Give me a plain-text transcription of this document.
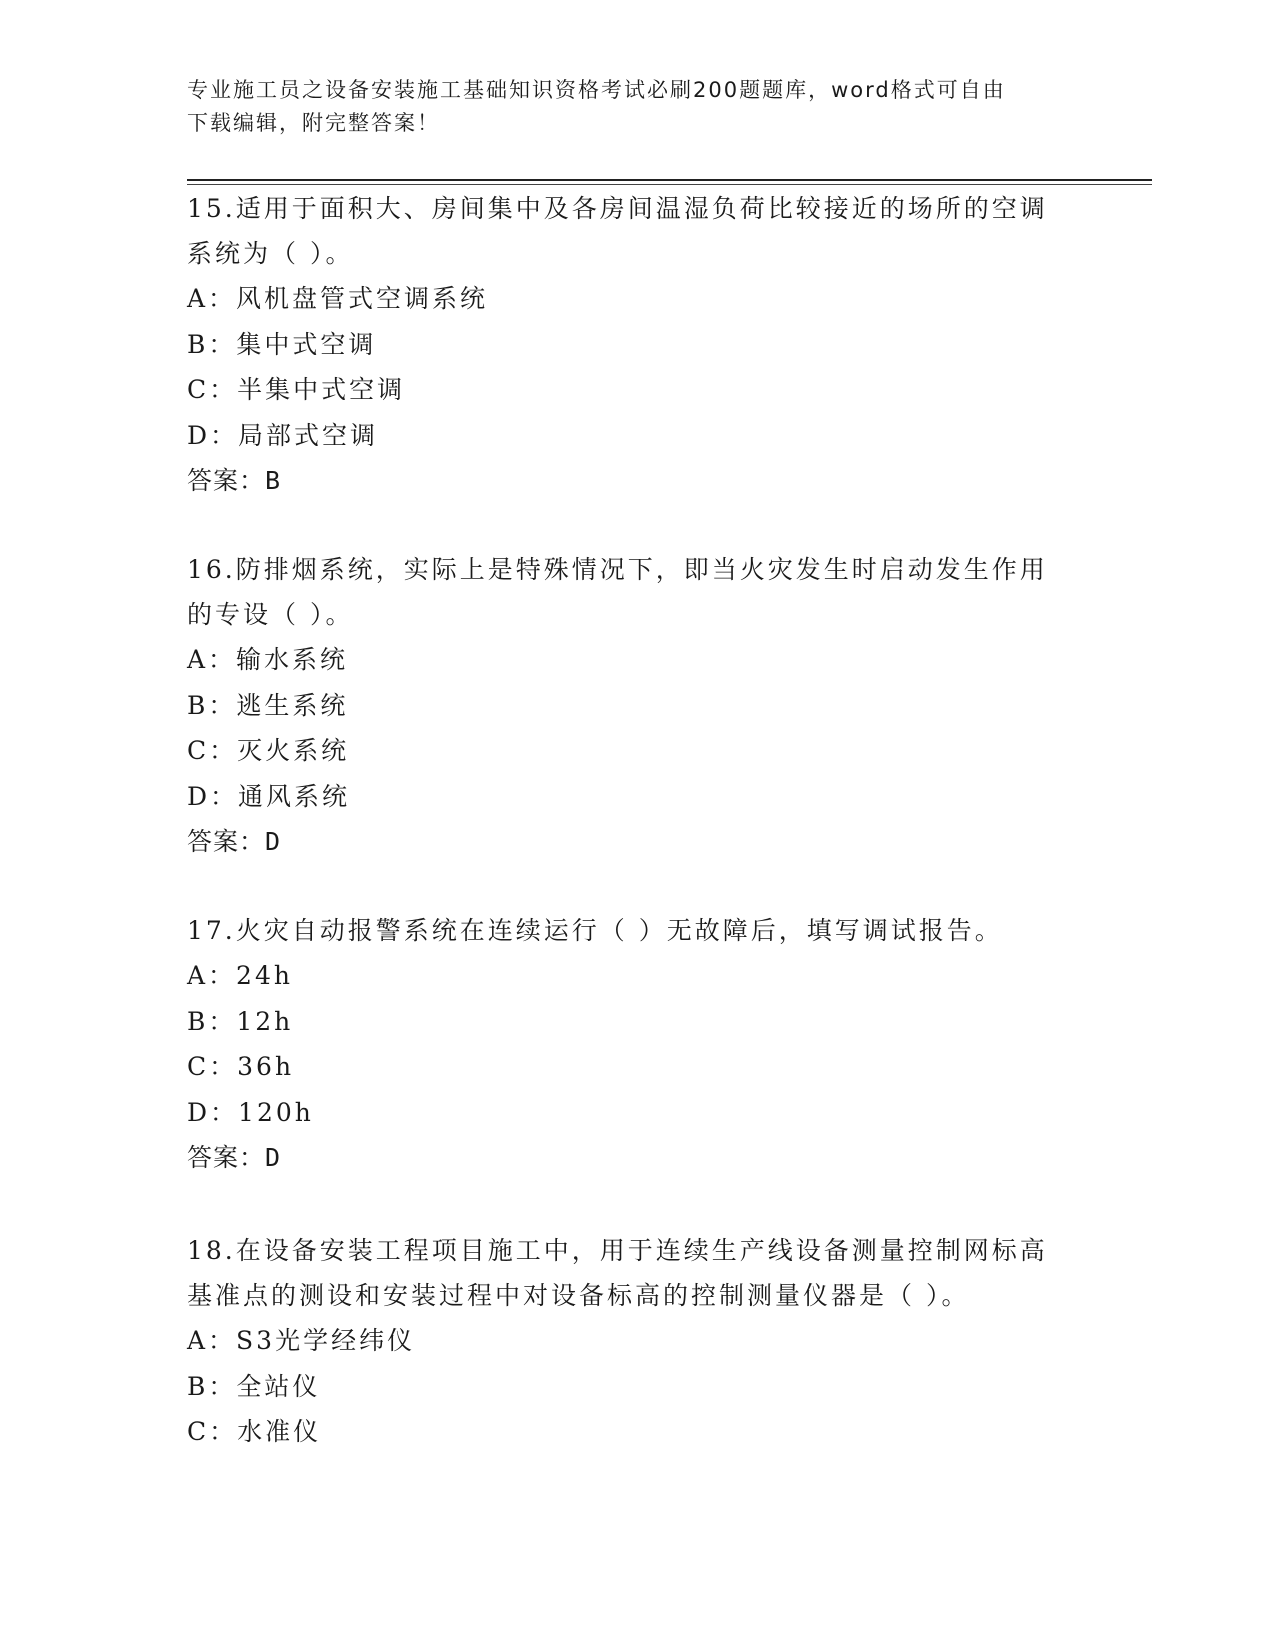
专业施工员之设备安装施工基础知识资格考试必刷200题题库，word格式可自由
下载编辑，附完整答案！

15.适用于面积大、房间集中及各房间温湿负荷比较接近的场所的空调

系统为（ ）。

A：风机盘管式空调系统

B：集中式空调

C：半集中式空调

D：局部式空调

答案：B

16.防排烟系统，实际上是特殊情况下，即当火灾发生时启动发生作用

的专设（ ）。

A：输水系统

B：逃生系统

C：灭火系统

D：通风系统

答案：D

17.火灾自动报警系统在连续运行（ ）无故障后，填写调试报告。

A：24h

B：12h

C：36h

D：120h

答案：D

18.在设备安装工程项目施工中，用于连续生产线设备测量控制网标高

基准点的测设和安装过程中对设备标高的控制测量仪器是（ ）。

A：S3光学经纬仪

B：全站仪

C：水准仪
